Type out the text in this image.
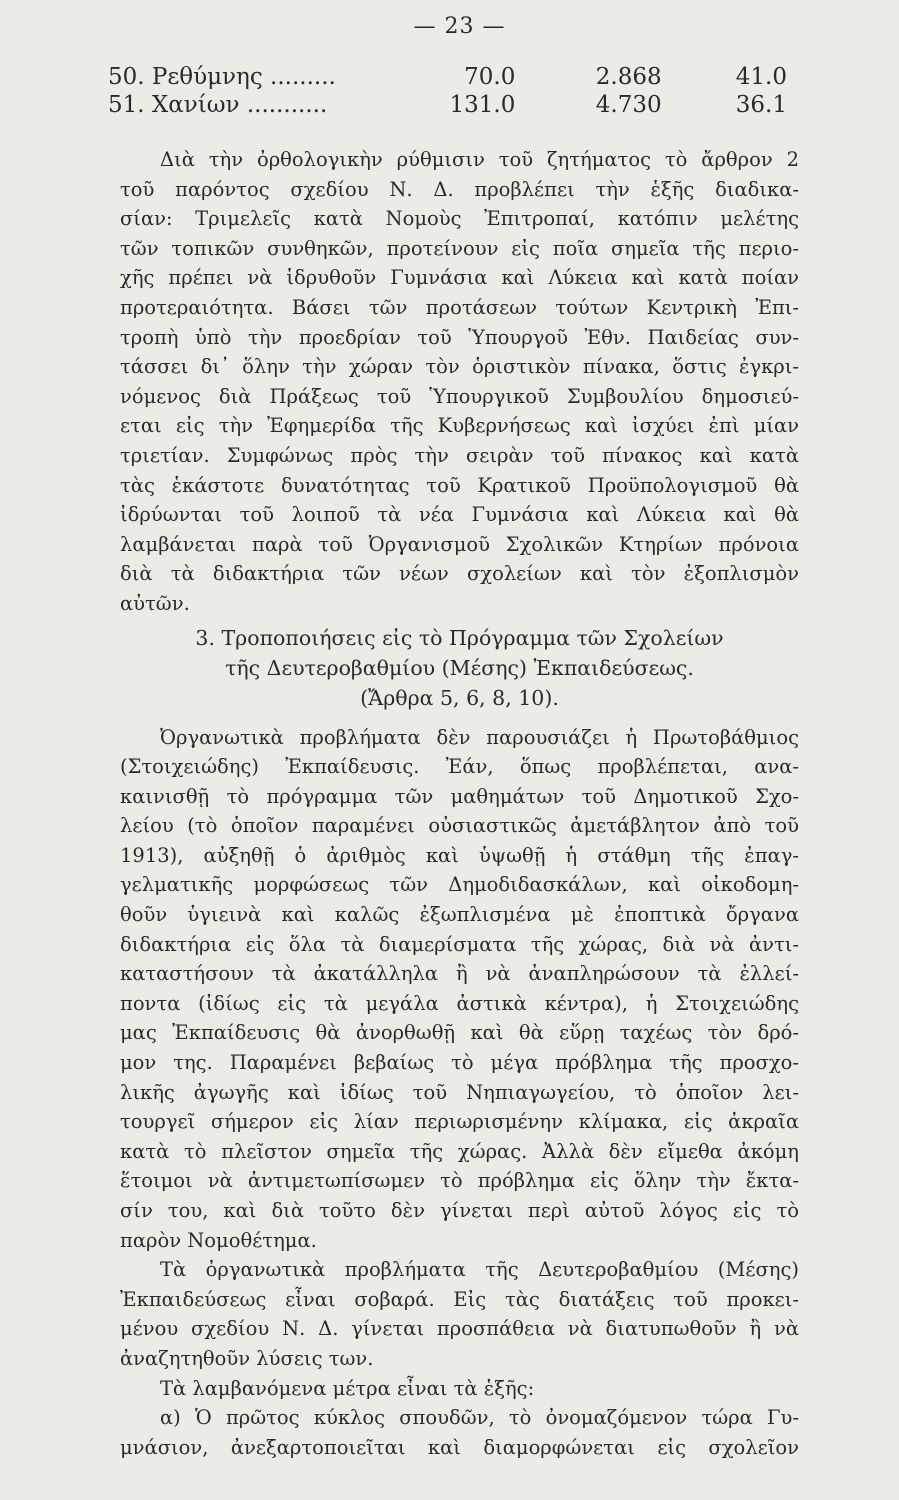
— 23 —
50. Ρεθύμνης .........	70.0	2.868	41.0
51. Χανίων ...........	131.0	4.730	36.1
Διὰ τὴν ὀρθολογικὴν ρύθμισιν τοῦ ζητήματος τὸ ἄρθρον 2
τοῦ παρόντος σχεδίου Ν. Δ. προβλέπει τὴν ἑξῆς διαδικα-
σίαν: Τριμελεῖς κατὰ Νομοὺς Ἐπιτροπαί, κατόπιν μελέτης
τῶν τοπικῶν συνθηκῶν, προτείνουν εἰς ποῖα σημεῖα τῆς περιο-
χῆς πρέπει νὰ ἱδρυθοῦν Γυμνάσια καὶ Λύκεια καὶ κατὰ ποίαν
προτεραιότητα. Βάσει τῶν προτάσεων τούτων Κεντρικὴ Ἐπι-
τροπὴ ὑπὸ τὴν προεδρίαν τοῦ Ὑπουργοῦ Ἐθν. Παιδείας συν-
τάσσει δι᾽ ὅλην τὴν χώραν τὸν ὁριστικὸν πίνακα, ὅστις ἐγκρι-
νόμενος διὰ Πράξεως τοῦ Ὑπουργικοῦ Συμβουλίου δημοσιεύ-
εται εἰς τὴν Ἐφημερίδα τῆς Κυβερνήσεως καὶ ἰσχύει ἐπὶ μίαν
τριετίαν. Συμφώνως πρὸς τὴν σειρὰν τοῦ πίνακος καὶ κατὰ
τὰς ἑκάστοτε δυνατότητας τοῦ Κρατικοῦ Προϋπολογισμοῦ θὰ
ἱδρύωνται τοῦ λοιποῦ τὰ νέα Γυμνάσια καὶ Λύκεια καὶ θὰ
λαμβάνεται παρὰ τοῦ Ὀργανισμοῦ Σχολικῶν Κτηρίων πρόνοια
διὰ τὰ διδακτήρια τῶν νέων σχολείων καὶ τὸν ἐξοπλισμὸν
αὐτῶν.
3. Τροποποιήσεις εἰς τὸ Πρόγραμμα τῶν Σχολείων
τῆς Δευτεροβαθμίου (Μέσης) Ἐκπαιδεύσεως.
(Ἄρθρα 5, 6, 8, 10).
Ὀργανωτικὰ προβλήματα δὲν παρουσιάζει ἡ Πρωτοβάθμιος
(Στοιχειώδης) Ἐκπαίδευσις. Ἐάν, ὅπως προβλέπεται, ανα-
καινισθῇ τὸ πρόγραμμα τῶν μαθημάτων τοῦ Δημοτικοῦ Σχο-
λείου (τὸ ὁποῖον παραμένει οὐσιαστικῶς ἀμετάβλητον ἀπὸ τοῦ
1913), αὐξηθῇ ὁ ἀριθμὸς καὶ ὑψωθῇ ἡ στάθμη τῆς ἐπαγ-
γελματικῆς μορφώσεως τῶν Δημοδιδασκάλων, καὶ οἰκοδομη-
θοῦν ὑγιεινὰ καὶ καλῶς ἐξωπλισμένα μὲ ἐποπτικὰ ὄργανα
διδακτήρια εἰς ὅλα τὰ διαμερίσματα τῆς χώρας, διὰ νὰ ἀντι-
καταστήσουν τὰ ἀκατάλληλα ἢ νὰ ἀναπληρώσουν τὰ ἐλλεί-
ποντα (ἰδίως εἰς τὰ μεγάλα ἀστικὰ κέντρα), ἡ Στοιχειώδης
μας Ἐκπαίδευσις θὰ ἀνορθωθῇ καὶ θὰ εὕρῃ ταχέως τὸν δρό-
μον της. Παραμένει βεβαίως τὸ μέγα πρόβλημα τῆς προσχο-
λικῆς ἀγωγῆς καὶ ἰδίως τοῦ Νηπιαγωγείου, τὸ ὁποῖον λει-
τουργεῖ σήμερον εἰς λίαν περιωρισμένην κλίμακα, εἰς ἀκραῖα
κατὰ τὸ πλεῖστον σημεῖα τῆς χώρας. Ἀλλὰ δὲν εἴμεθα ἀκόμη
ἕτοιμοι νὰ ἀντιμετωπίσωμεν τὸ πρόβλημα εἰς ὅλην τὴν ἔκτα-
σίν του, καὶ διὰ τοῦτο δὲν γίνεται περὶ αὐτοῦ λόγος εἰς τὸ
παρὸν Νομοθέτημα.
Τὰ ὀργανωτικὰ προβλήματα τῆς Δευτεροβαθμίου (Μέσης)
Ἐκπαιδεύσεως εἶναι σοβαρά. Εἰς τὰς διατάξεις τοῦ προκει-
μένου σχεδίου Ν. Δ. γίνεται προσπάθεια νὰ διατυπωθοῦν ἢ νὰ
ἀναζητηθοῦν λύσεις των.
Τὰ λαμβανόμενα μέτρα εἶναι τὰ ἑξῆς:
α) Ὁ πρῶτος κύκλος σπουδῶν, τὸ ὀνομαζόμενον τώρα Γυ-
μνάσιον, ἀνεξαρτοποιεῖται καὶ διαμορφώνεται εἰς σχολεῖον
